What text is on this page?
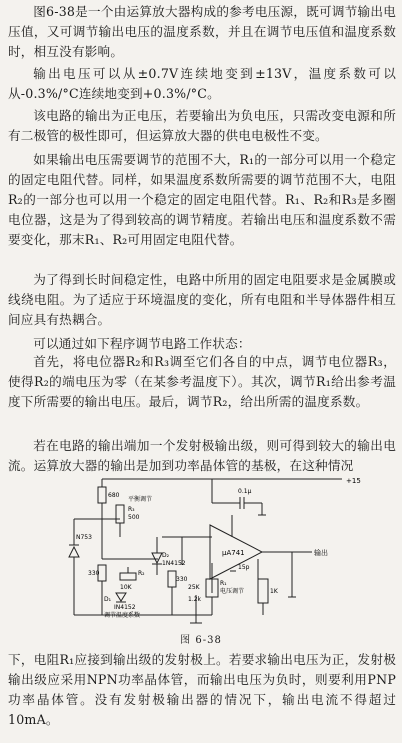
图6-38是一个由运算放大器构成的参考电压源，既可调节输出电压值，又可调节输出电压的温度系数，并且在调节电压值和温度系数时，相互没有影响。
输出电压可以从±0.7V连续地变到±13V，温度系数可以从-0.3%/°C连续地变到+0.3%/°C。
该电路的输出为正电压，若要输出为负电压，只需改变电源和所有二极管的极性即可，但运算放大器的供电电极性不变。
如果输出电压需要调节的范围不大，R₁的一部分可以用一个稳定的固定电阻代替。同样，如果温度系数所需要的调节范围不大，电阻R₂的一部分也可以用一个稳定的固定电阻代替。R₁、R₂和R₃是多圈电位器，这是为了得到较高的调节精度。若输出电压和温度系数不需要变化，那末R₁、R₂可用固定电阻代替。
为了得到长时间稳定性，电路中所用的固定电阻要求是金属膜或线绕电阻。为了适应于环境温度的变化，所有电阻和半导体器件相互间应具有热耦合。
可以通过如下程序调节电路工作状态：
首先，将电位器R₂和R₃调至它们各自的中点，调节电位器R₃，使得R₂的端电压为零（在某参考温度下）。其次，调节R₁给出参考温度下所需要的输出电压。最后，调节R₂，给出所需的温度系数。
若在电路的输出端加一个发射极输出级，则可得到较大的输出电流。运算放大器的输出是加到功率晶体管的基极，在这种情况
+15
680
平衡调节
R₃
500
N753
D₂
1N4152
330
330
10K
R₂
D₁
IN4152
调节温度系数
0.1μ
μA741	输出
15p
25K
R₁
电压调节
1.2k
1K
图 6-38
下，电阻R₁应接到输出级的发射极上。若要求输出电压为正，发射极输出级应采用NPN功率晶体管，而输出电压为负时，则要利用PNP功率晶体管。没有发射极输出器的情况下，输出电流不得超过10mA。
